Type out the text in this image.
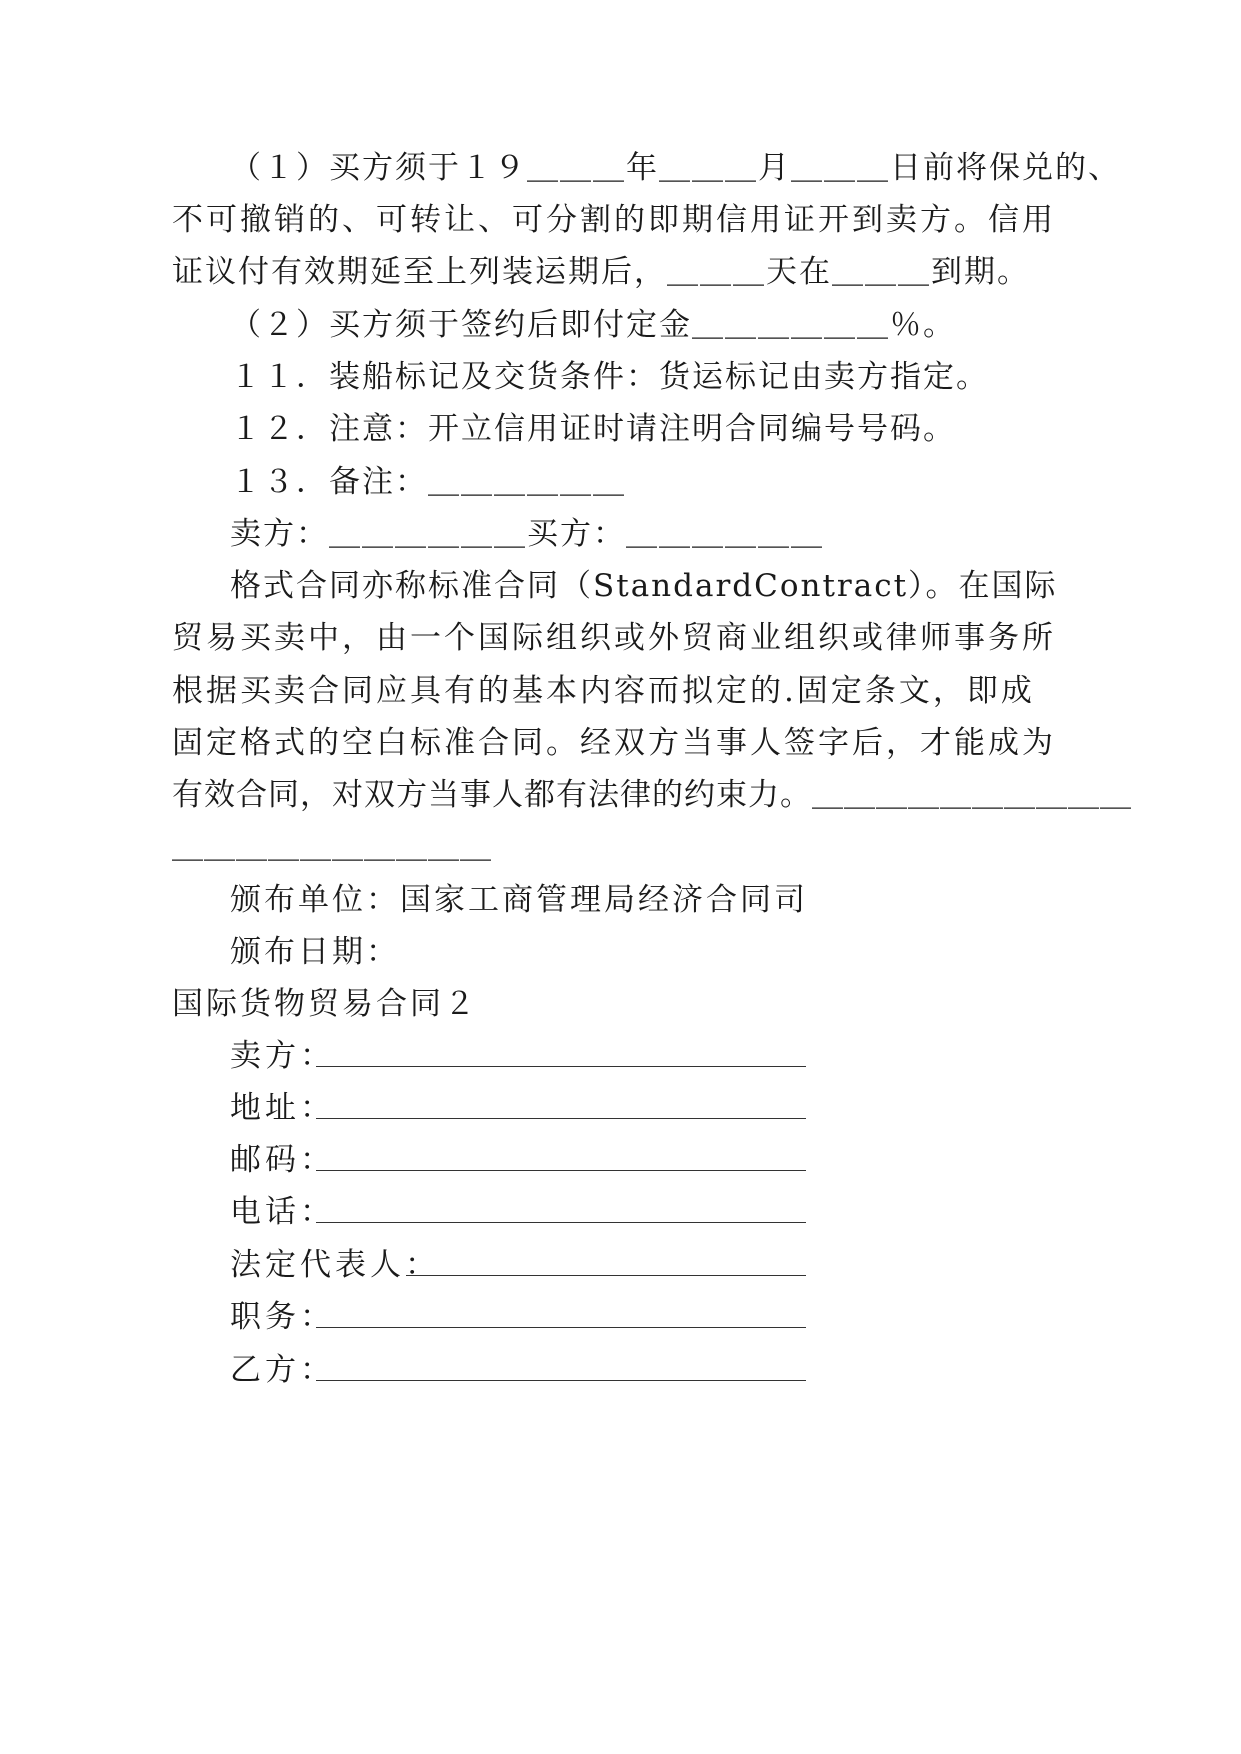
（１）买方须于１９＿＿＿年＿＿＿月＿＿＿日前将保兑的、
不可撤销的、可转让、可分割的即期信用证开到卖方。信用
证议付有效期延至上列装运期后，＿＿＿天在＿＿＿到期。
（２）买方须于签约后即付定金＿＿＿＿＿＿％。
１１．装船标记及交货条件：货运标记由卖方指定。
１２．注意：开立信用证时请注明合同编号号码。
１３．备注：＿＿＿＿＿＿
卖方：＿＿＿＿＿＿买方：＿＿＿＿＿＿
格式合同亦称标准合同（StandardContract）。在国际
贸易买卖中，由一个国际组织或外贸商业组织或律师事务所
根据买卖合同应具有的基本内容而拟定的.固定条文，即成
固定格式的空白标准合同。经双方当事人签字后，才能成为
有效合同，对双方当事人都有法律的约束力。＿＿＿＿＿＿＿＿＿＿
＿＿＿＿＿＿＿＿＿＿
颁布单位：国家工商管理局经济合同司
颁布日期：
国际货物贸易合同２
卖方：
地址：
邮码：
电话：
法定代表人：
职务：
乙方：
